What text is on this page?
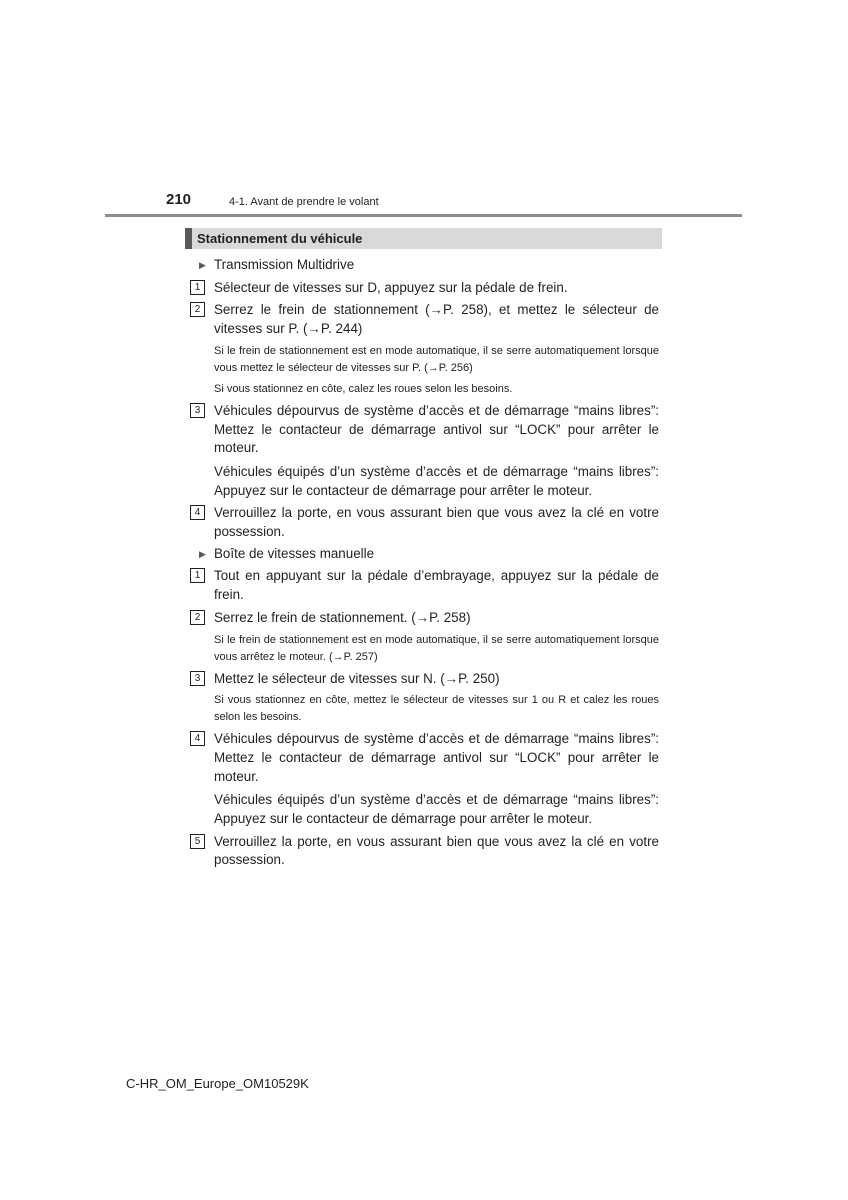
210	4-1. Avant de prendre le volant
Stationnement du véhicule
▶ Transmission Multidrive
1	Sélecteur de vitesses sur D, appuyez sur la pédale de frein.
2	Serrez le frein de stationnement (→P. 258), et mettez le sélecteur de vitesses sur P. (→P. 244)
Si le frein de stationnement est en mode automatique, il se serre automatiquement lorsque vous mettez le sélecteur de vitesses sur P. (→P. 256)
Si vous stationnez en côte, calez les roues selon les besoins.
3	Véhicules dépourvus de système d’accès et de démarrage “mains libres”: Mettez le contacteur de démarrage antivol sur “LOCK” pour arrêter le moteur.
Véhicules équipés d’un système d’accès et de démarrage “mains libres”: Appuyez sur le contacteur de démarrage pour arrêter le moteur.
4	Verrouillez la porte, en vous assurant bien que vous avez la clé en votre possession.
▶ Boîte de vitesses manuelle
1	Tout en appuyant sur la pédale d’embrayage, appuyez sur la pédale de frein.
2	Serrez le frein de stationnement. (→P. 258)
Si le frein de stationnement est en mode automatique, il se serre automatiquement lorsque vous arrêtez le moteur. (→P. 257)
3	Mettez le sélecteur de vitesses sur N. (→P. 250)
Si vous stationnez en côte, mettez le sélecteur de vitesses sur 1 ou R et calez les roues selon les besoins.
4	Véhicules dépourvus de système d’accès et de démarrage “mains libres”: Mettez le contacteur de démarrage antivol sur “LOCK” pour arrêter le moteur.
Véhicules équipés d’un système d’accès et de démarrage “mains libres”: Appuyez sur le contacteur de démarrage pour arrêter le moteur.
5	Verrouillez la porte, en vous assurant bien que vous avez la clé en votre possession.
C-HR_OM_Europe_OM10529K
